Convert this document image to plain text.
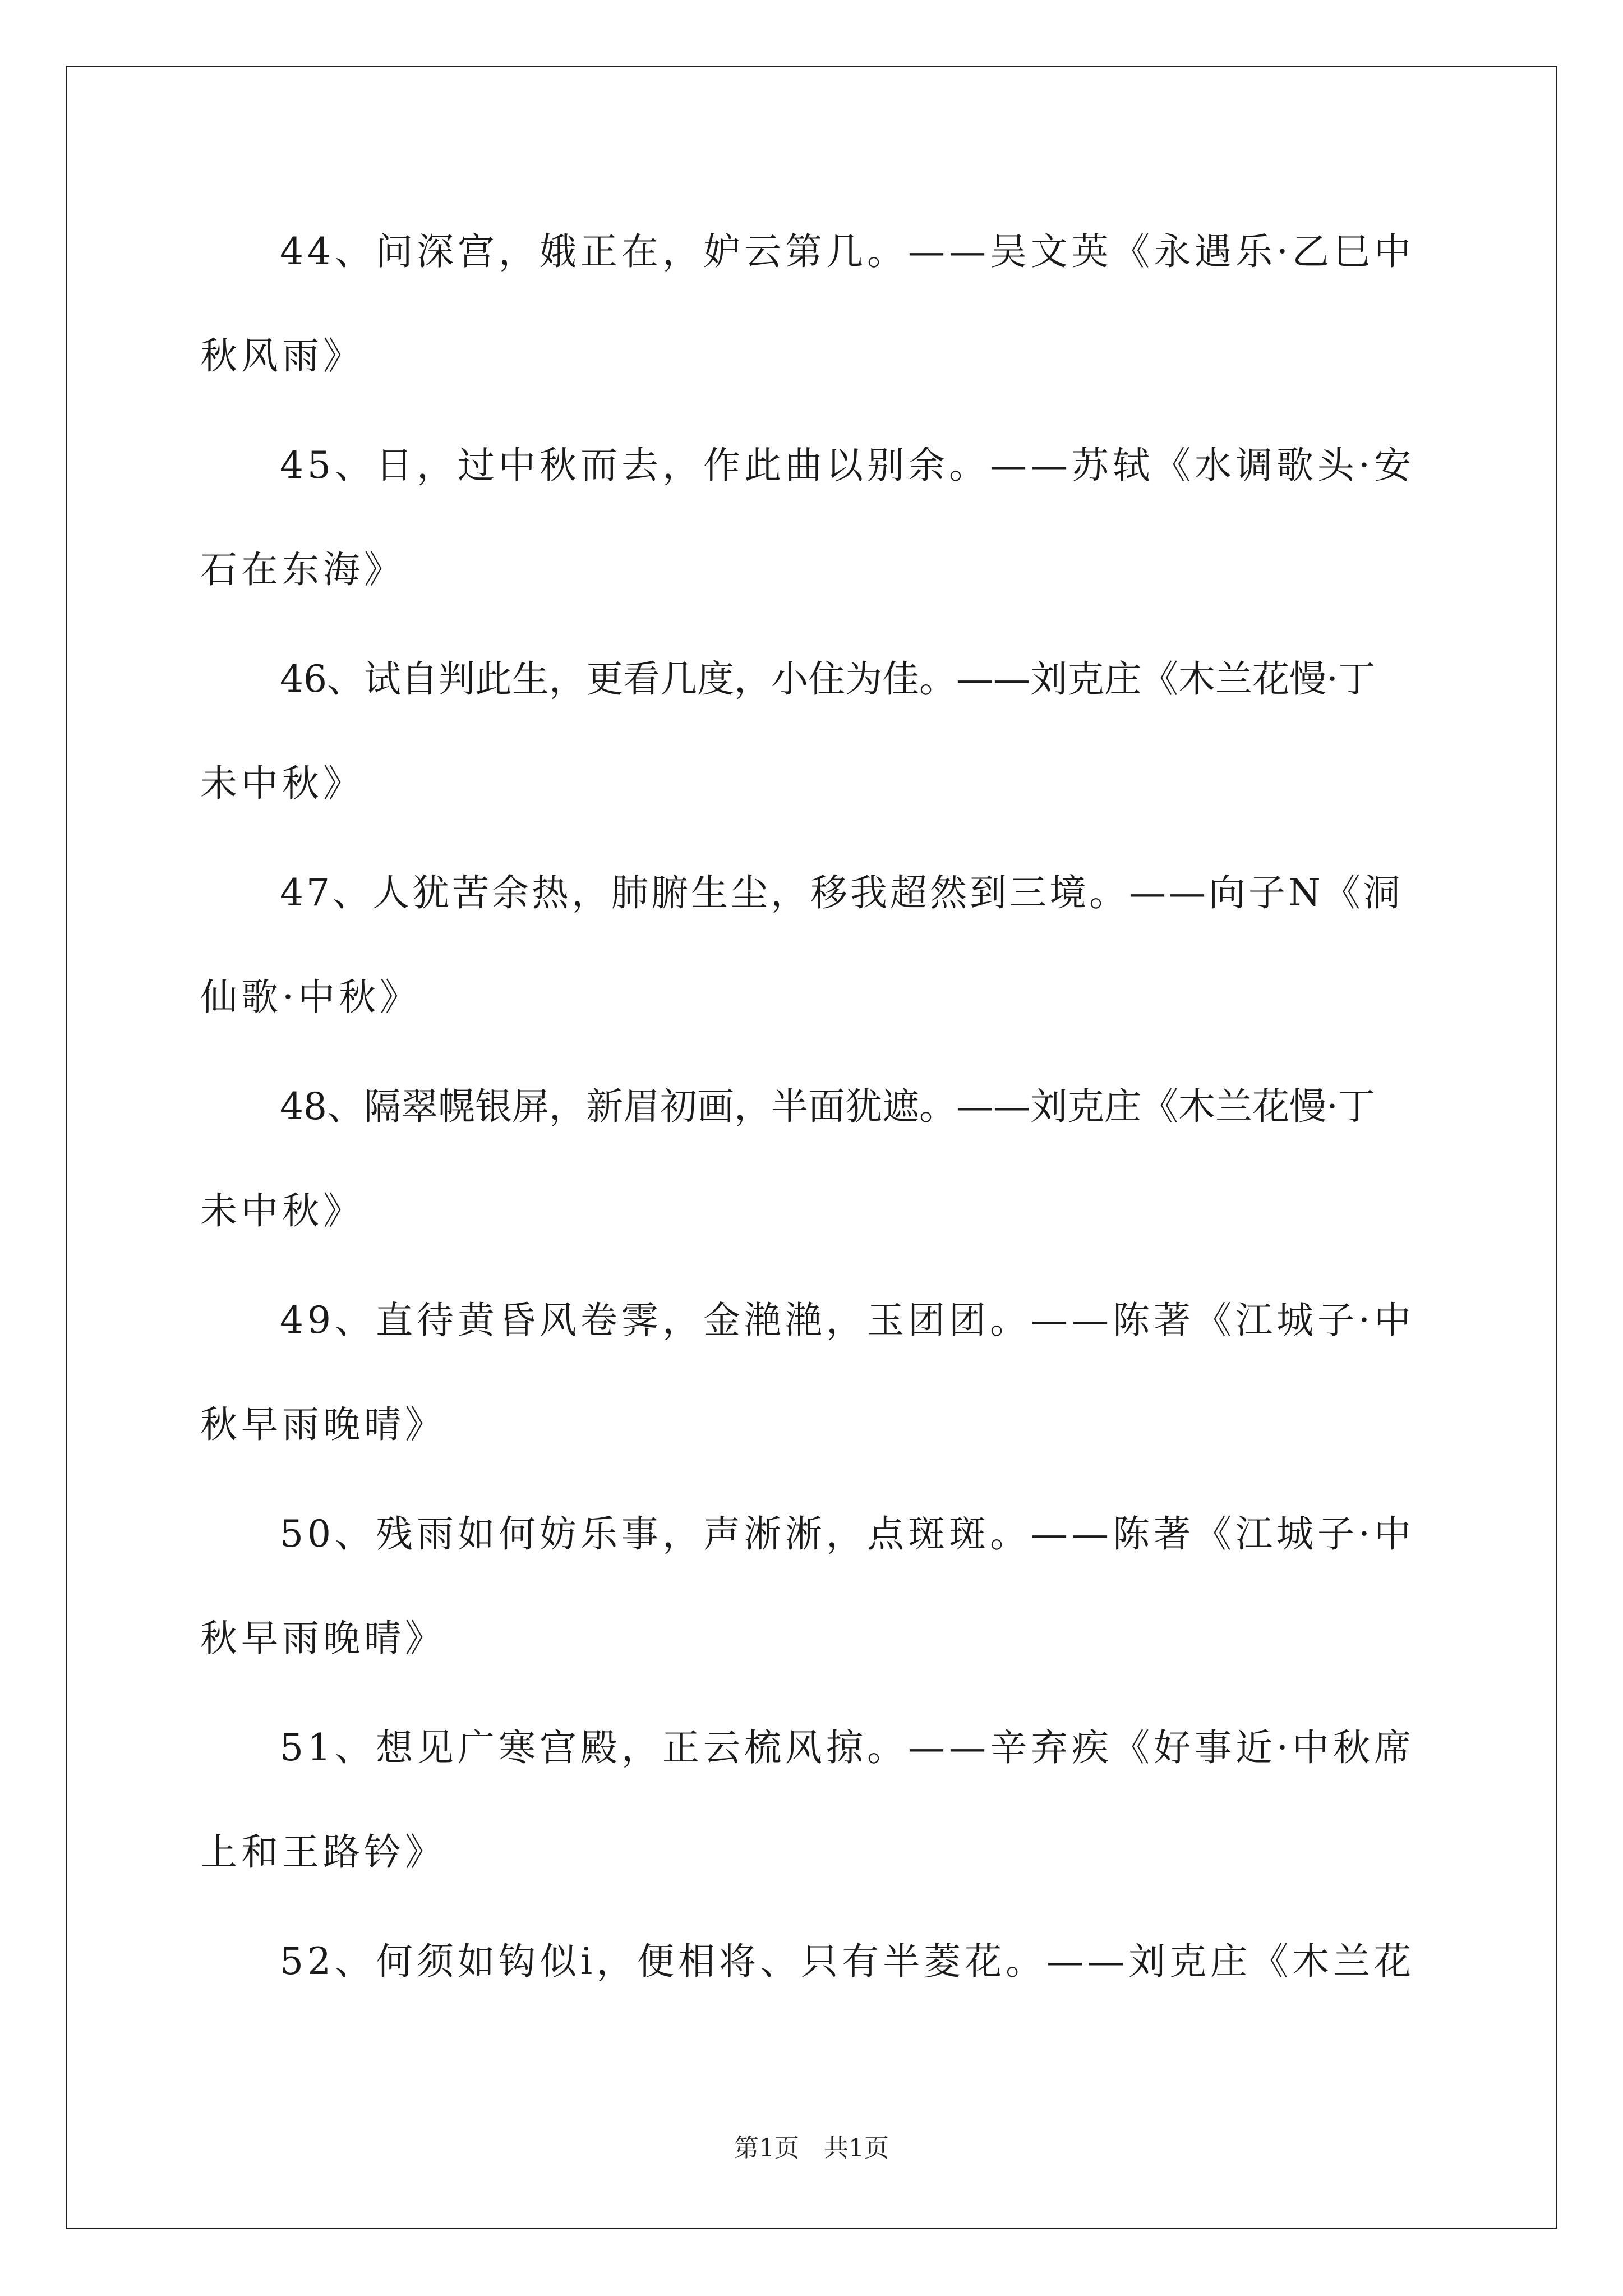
44、问深宫，娥正在，妒云第几。——吴文英《永遇乐·乙巳中
秋风雨》
45、日，过中秋而去，作此曲以别余。——苏轼《水调歌头·安
石在东海》
46、试自判此生，更看几度，小住为佳。——刘克庄《木兰花慢·丁
未中秋》
47、人犹苦余热，肺腑生尘，移我超然到三境。——向子N《洞
仙歌·中秋》
48、隔翠幌银屏，新眉初画，半面犹遮。——刘克庄《木兰花慢·丁
未中秋》
49、直待黄昏风卷霁，金滟滟，玉团团。——陈著《江城子·中
秋早雨晚晴》
50、残雨如何妨乐事，声淅淅，点斑斑。——陈著《江城子·中
秋早雨晚晴》
51、想见广寒宫殿，正云梳风掠。——辛弃疾《好事近·中秋席
上和王路钤》
52、何须如钩似i，便相将、只有半菱花。——刘克庄《木兰花
第1页　共1页
